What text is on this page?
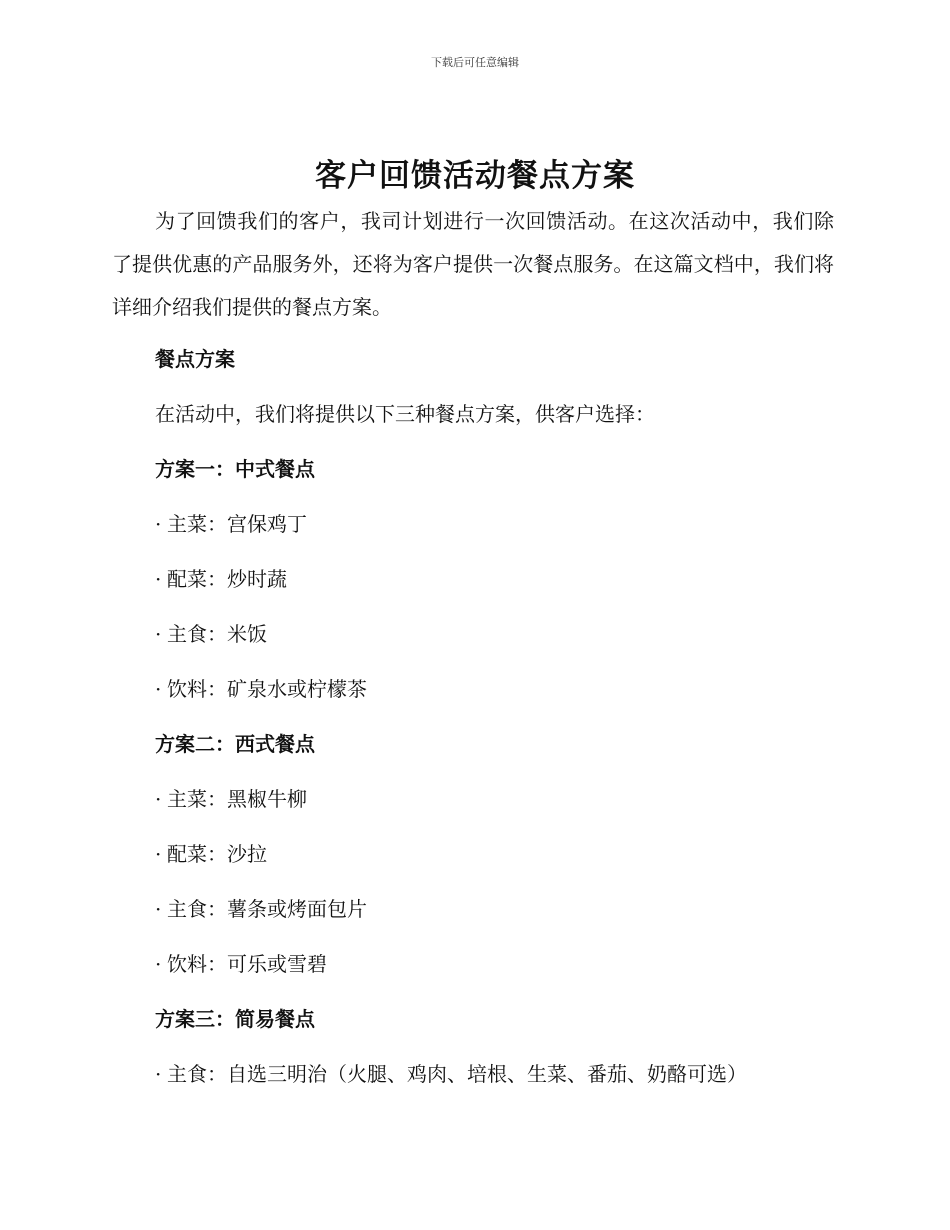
下载后可任意编辑
客户回馈活动餐点方案

为了回馈我们的客户，我司计划进行一次回馈活动。在这次活动中，我们除了提供优惠的产品服务外，还将为客户提供一次餐点服务。在这篇文档中，我们将详细介绍我们提供的餐点方案。

餐点方案
在活动中，我们将提供以下三种餐点方案，供客户选择：
方案一：中式餐点
· 主菜：宫保鸡丁
· 配菜：炒时蔬
· 主食：米饭
· 饮料：矿泉水或柠檬茶
方案二：西式餐点
· 主菜：黑椒牛柳
· 配菜：沙拉
· 主食：薯条或烤面包片
· 饮料：可乐或雪碧
方案三：简易餐点
· 主食：自选三明治（火腿、鸡肉、培根、生菜、番茄、奶酪可选）
